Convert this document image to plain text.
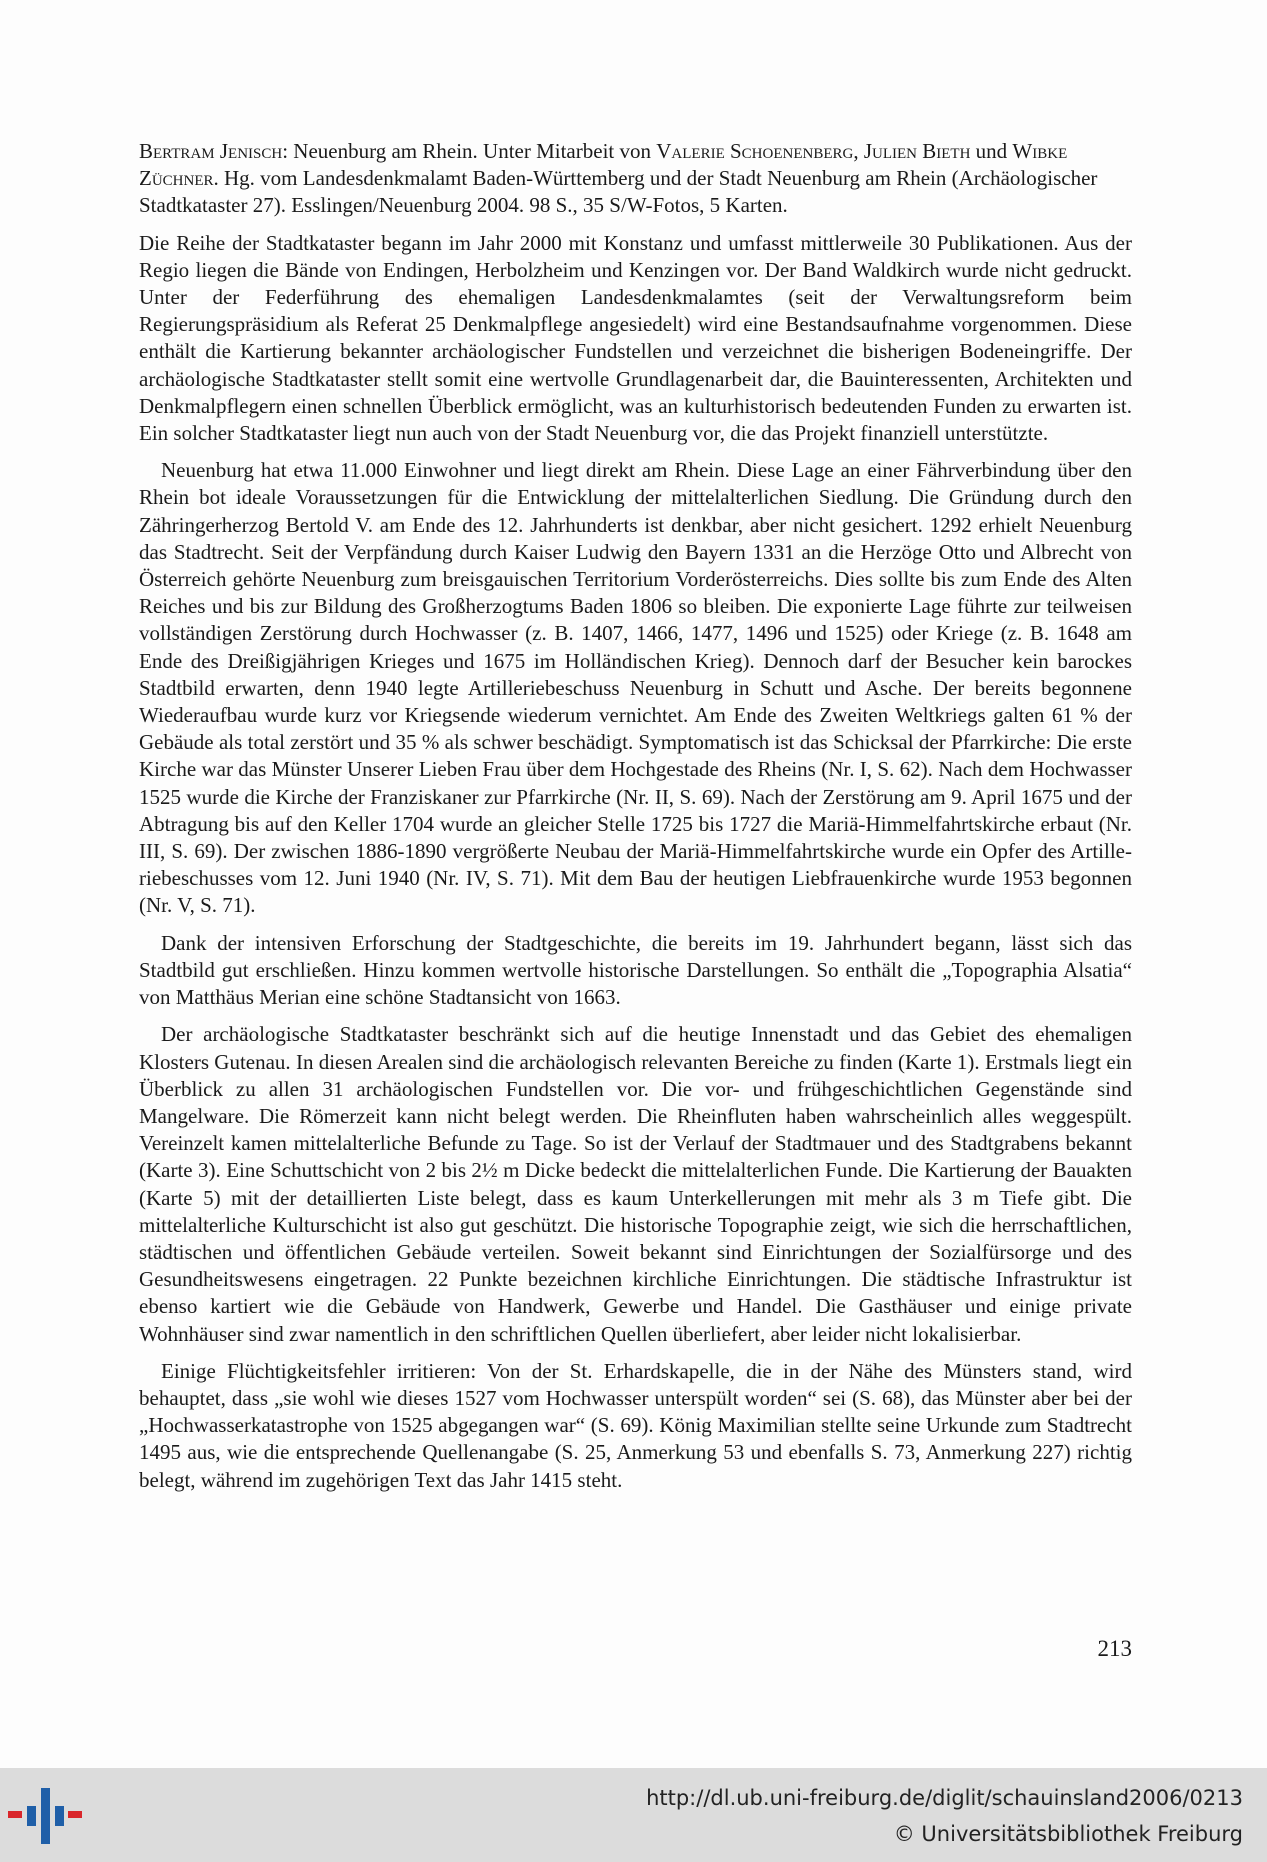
Bertram Jenisch: Neuenburg am Rhein. Unter Mitarbeit von Valerie Schoenenberg, Julien Bieth und Wibke Züchner. Hg. vom Landesdenkmalamt Baden-Württemberg und der Stadt Neuenburg am Rhein (Archäologischer Stadtkataster 27). Esslingen/Neuenburg 2004. 98 S., 35 S/W-Fotos, 5 Karten.

Die Reihe der Stadtkataster begann im Jahr 2000 mit Konstanz und umfasst mittlerweile 30 Publikationen. Aus der Regio liegen die Bände von Endingen, Herbolzheim und Kenzingen vor. Der Band Waldkirch wurde nicht gedruckt. Unter der Federführung des ehemaligen Landesdenkmalamtes (seit der Verwaltungsreform beim Regierungspräsidium als Referat 25 Denkmalpflege angesiedelt) wird eine Bestandsaufnahme vorgenommen. Diese enthält die Kartierung bekannter archäologischer Fundstellen und verzeichnet die bisherigen Bodeneingriffe. Der archäologische Stadtkataster stellt somit eine wertvolle Grundlagenarbeit dar, die Bauinteressenten, Architekten und Denkmalpflegern einen schnellen Überblick ermöglicht, was an kulturhistorisch bedeutenden Funden zu erwarten ist. Ein solcher Stadtkataster liegt nun auch von der Stadt Neuenburg vor, die das Projekt finanziell unterstützte.

Neuenburg hat etwa 11.000 Einwohner und liegt direkt am Rhein. Diese Lage an einer Fährverbindung über den Rhein bot ideale Voraussetzungen für die Entwicklung der mittelalterlichen Siedlung. Die Gründung durch den Zähringerherzog Bertold V. am Ende des 12. Jahrhunderts ist denkbar, aber nicht gesichert. 1292 erhielt Neuenburg das Stadtrecht. Seit der Verpfändung durch Kaiser Ludwig den Bayern 1331 an die Herzöge Otto und Albrecht von Österreich gehörte Neuenburg zum breisgauischen Territorium Vorderösterreichs. Dies sollte bis zum Ende des Alten Reiches und bis zur Bildung des Großherzogtums Baden 1806 so bleiben. Die exponierte Lage führte zur teilweisen vollständigen Zerstörung durch Hochwasser (z. B. 1407, 1466, 1477, 1496 und 1525) oder Kriege (z. B. 1648 am Ende des Dreißigjährigen Krieges und 1675 im Holländischen Krieg). Dennoch darf der Besucher kein barockes Stadtbild erwarten, denn 1940 legte Artilleriebeschuss Neuenburg in Schutt und Asche. Der bereits begonnene Wiederaufbau wurde kurz vor Kriegsende wiederum vernichtet. Am Ende des Zweiten Weltkriegs galten 61 % der Gebäude als total zerstört und 35 % als schwer beschädigt. Symptomatisch ist das Schicksal der Pfarrkirche: Die erste Kirche war das Münster Unserer Lieben Frau über dem Hochgestade des Rheins (Nr. I, S. 62). Nach dem Hochwasser 1525 wurde die Kirche der Franziskaner zur Pfarrkirche (Nr. II, S. 69). Nach der Zerstörung am 9. April 1675 und der Abtragung bis auf den Keller 1704 wurde an gleicher Stelle 1725 bis 1727 die Mariä-Himmelfahrtskirche erbaut (Nr. III, S. 69). Der zwischen 1886-1890 vergrößerte Neubau der Mariä-Himmelfahrtskirche wurde ein Opfer des Artilleriebeschusses vom 12. Juni 1940 (Nr. IV, S. 71). Mit dem Bau der heutigen Liebfrauenkirche wurde 1953 begonnen (Nr. V, S. 71).

Dank der intensiven Erforschung der Stadtgeschichte, die bereits im 19. Jahrhundert begann, lässt sich das Stadtbild gut erschließen. Hinzu kommen wertvolle historische Darstellungen. So enthält die „Topographia Alsatia“ von Matthäus Merian eine schöne Stadtansicht von 1663.

Der archäologische Stadtkataster beschränkt sich auf die heutige Innenstadt und das Gebiet des ehemaligen Klosters Gutenau. In diesen Arealen sind die archäologisch relevanten Bereiche zu finden (Karte 1). Erstmals liegt ein Überblick zu allen 31 archäologischen Fundstellen vor. Die vor- und frühgeschichtlichen Gegenstände sind Mangelware. Die Römerzeit kann nicht belegt werden. Die Rheinfluten haben wahrscheinlich alles weggespült. Vereinzelt kamen mittelalterliche Befunde zu Tage. So ist der Verlauf der Stadtmauer und des Stadtgrabens bekannt (Karte 3). Eine Schuttschicht von 2 bis 2½ m Dicke bedeckt die mittelalterlichen Funde. Die Kartierung der Bauakten (Karte 5) mit der detaillierten Liste belegt, dass es kaum Unterkellerungen mit mehr als 3 m Tiefe gibt. Die mittelalterliche Kulturschicht ist also gut geschützt. Die historische Topographie zeigt, wie sich die herrschaftlichen, städtischen und öffentlichen Gebäude verteilen. Soweit bekannt sind Einrichtungen der Sozialfürsorge und des Gesundheitswesens eingetragen. 22 Punkte bezeichnen kirchliche Einrichtungen. Die städtische Infrastruktur ist ebenso kartiert wie die Gebäude von Handwerk, Gewerbe und Handel. Die Gasthäuser und einige private Wohnhäuser sind zwar namentlich in den schriftlichen Quellen überliefert, aber leider nicht lokalisierbar.

Einige Flüchtigkeitsfehler irritieren: Von der St. Erhardskapelle, die in der Nähe des Münsters stand, wird behauptet, dass „sie wohl wie dieses 1527 vom Hochwasser unterspült worden“ sei (S. 68), das Münster aber bei der „Hochwasserkatastrophe von 1525 abgegangen war“ (S. 69). König Maximilian stellte seine Urkunde zum Stadtrecht 1495 aus, wie die entsprechende Quellenangabe (S. 25, Anmerkung 53 und ebenfalls S. 73, Anmerkung 227) richtig belegt, während im zugehörigen Text das Jahr 1415 steht.

213
http://dl.ub.uni-freiburg.de/diglit/schauinsland2006/0213
© Universitätsbibliothek Freiburg
